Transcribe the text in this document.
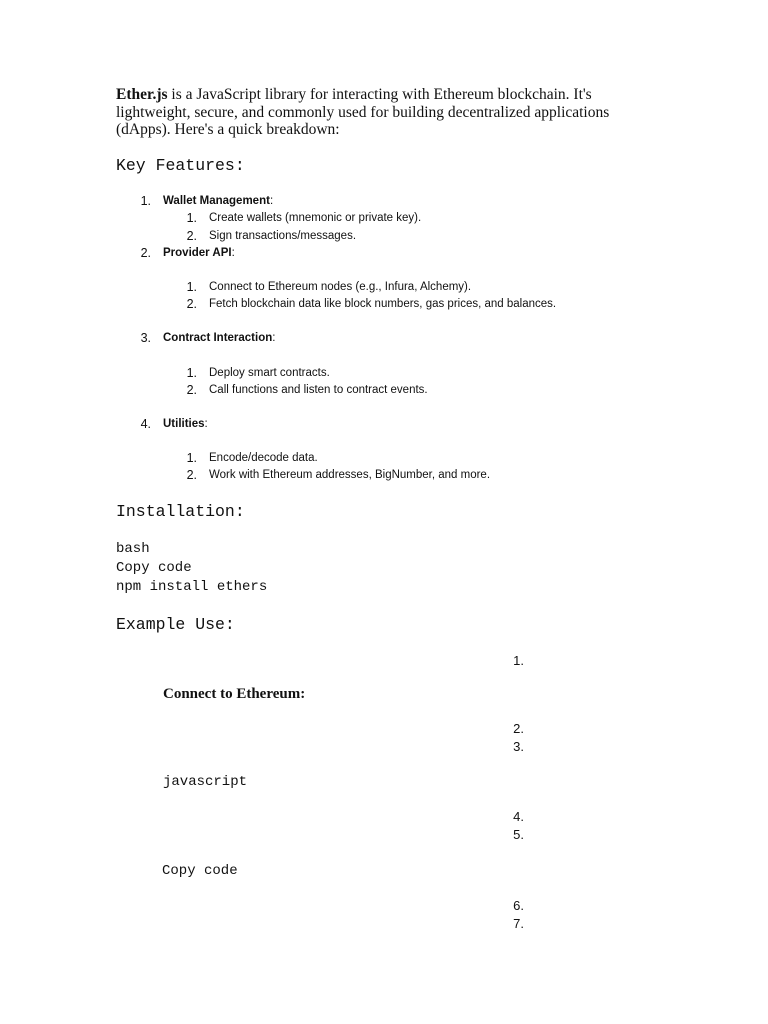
Ether.js is a JavaScript library for interacting with Ethereum blockchain. It's lightweight, secure, and commonly used for building decentralized applications (dApps). Here's a quick breakdown:
Key Features:
1. Wallet Management:
1. Create wallets (mnemonic or private key).
2. Sign transactions/messages.
2. Provider API:
1. Connect to Ethereum nodes (e.g., Infura, Alchemy).
2. Fetch blockchain data like block numbers, gas prices, and balances.
3. Contract Interaction:
1. Deploy smart contracts.
2. Call functions and listen to contract events.
4. Utilities:
1. Encode/decode data.
2. Work with Ethereum addresses, BigNumber, and more.
Installation:
bash
Copy code
npm install ethers
Example Use:
1.
Connect to Ethereum:
2.
3.
javascript
4.
5.
Copy code
6.
7.
